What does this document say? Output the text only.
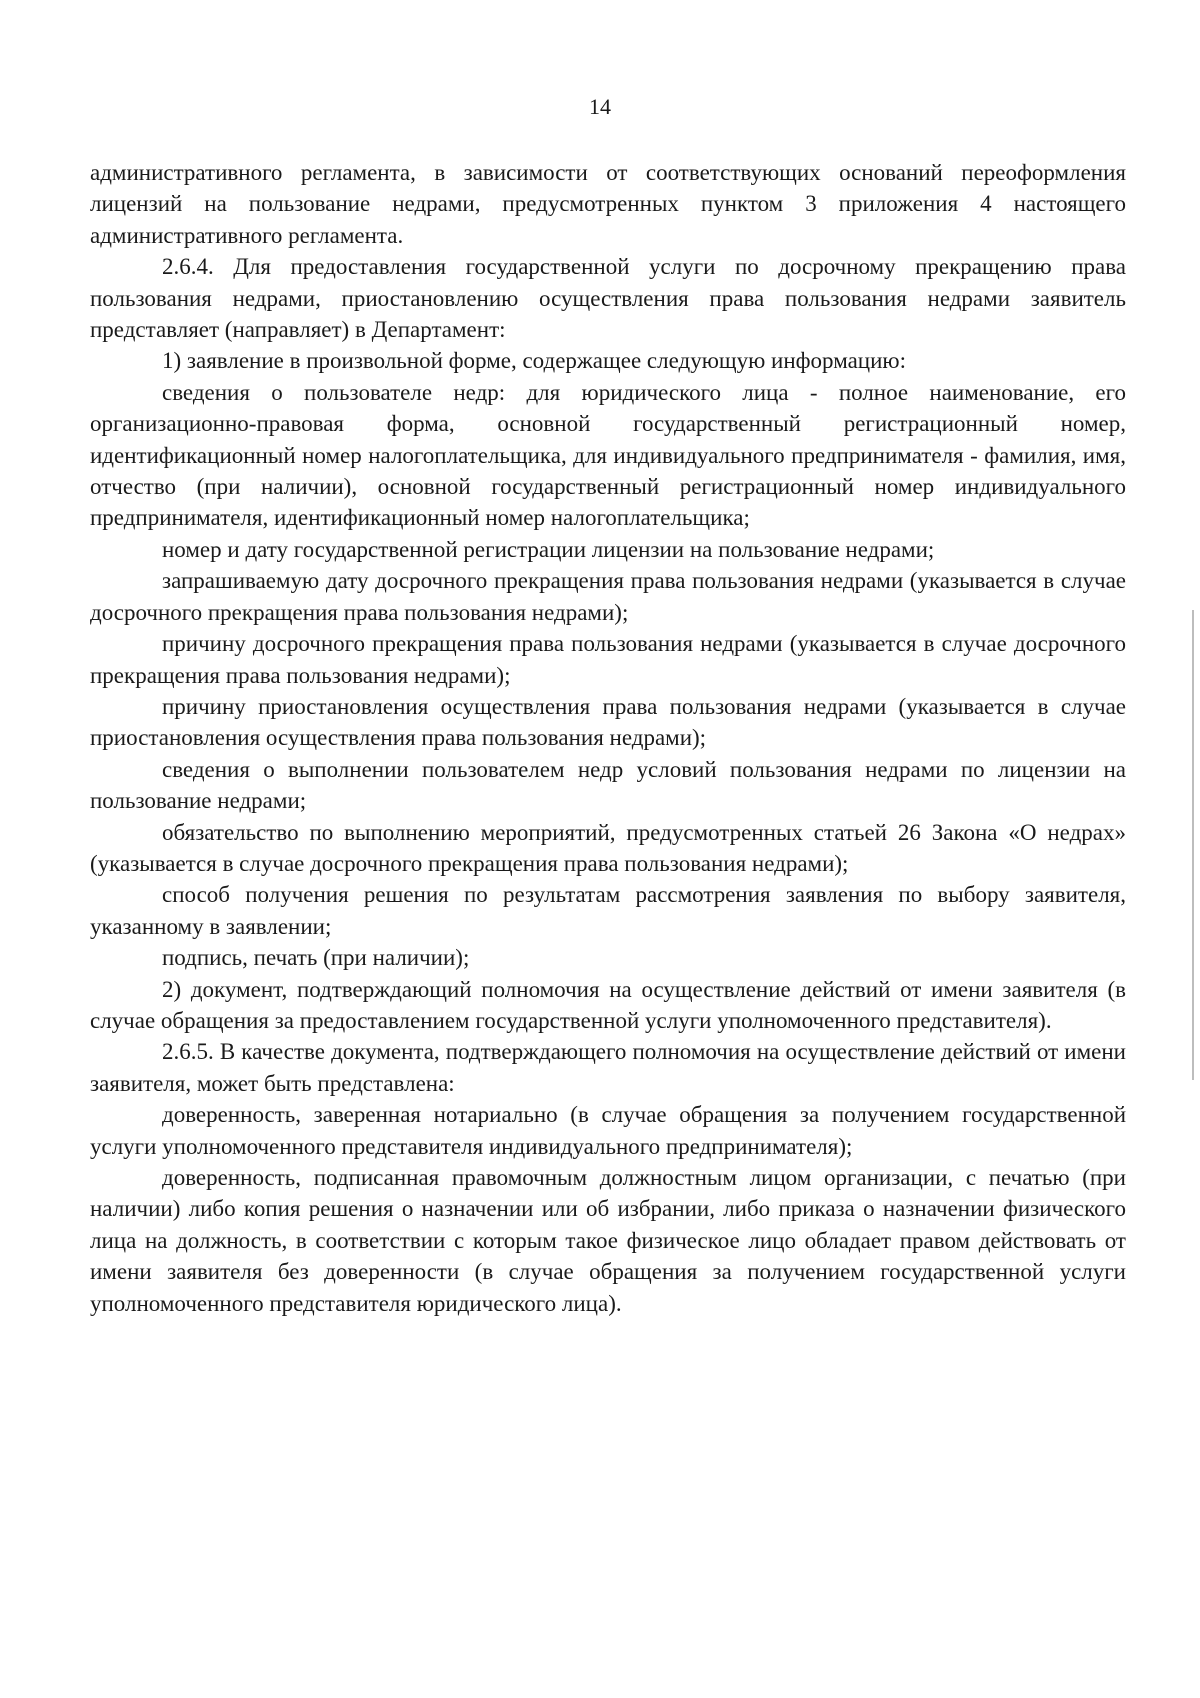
14

административного регламента, в зависимости от соответствующих оснований переоформления лицензий на пользование недрами, предусмотренных пунктом 3 приложения 4 настоящего административного регламента.

2.6.4. Для предоставления государственной услуги по досрочному прекращению права пользования недрами, приостановлению осуществления права пользования недрами заявитель представляет (направляет) в Департамент:

1) заявление в произвольной форме, содержащее следующую информацию:

сведения о пользователе недр: для юридического лица - полное наименование, его организационно-правовая форма, основной государственный регистрационный номер, идентификационный номер налогоплательщика, для индивидуального предпринимателя - фамилия, имя, отчество (при наличии), основной государственный регистрационный номер индивидуального предпринимателя, идентификационный номер налогоплательщика;

номер и дату государственной регистрации лицензии на пользование недрами;

запрашиваемую дату досрочного прекращения права пользования недрами (указывается в случае досрочного прекращения права пользования недрами);

причину досрочного прекращения права пользования недрами (указывается в случае досрочного прекращения права пользования недрами);

причину приостановления осуществления права пользования недрами (указывается в случае приостановления осуществления права пользования недрами);

сведения о выполнении пользователем недр условий пользования недрами по лицензии на пользование недрами;

обязательство по выполнению мероприятий, предусмотренных статьей 26 Закона «О недрах» (указывается в случае досрочного прекращения права пользования недрами);

способ получения решения по результатам рассмотрения заявления по выбору заявителя, указанному в заявлении;

подпись, печать (при наличии);

2) документ, подтверждающий полномочия на осуществление действий от имени заявителя (в случае обращения за предоставлением государственной услуги уполномоченного представителя).

2.6.5. В качестве документа, подтверждающего полномочия на осуществление действий от имени заявителя, может быть представлена:

доверенность, заверенная нотариально (в случае обращения за получением государственной услуги уполномоченного представителя индивидуального предпринимателя);

доверенность, подписанная правомочным должностным лицом организации, с печатью (при наличии) либо копия решения о назначении или об избрании, либо приказа о назначении физического лица на должность, в соответствии с которым такое физическое лицо обладает правом действовать от имени заявителя без доверенности (в случае обращения за получением государственной услуги уполномоченного представителя юридического лица).
